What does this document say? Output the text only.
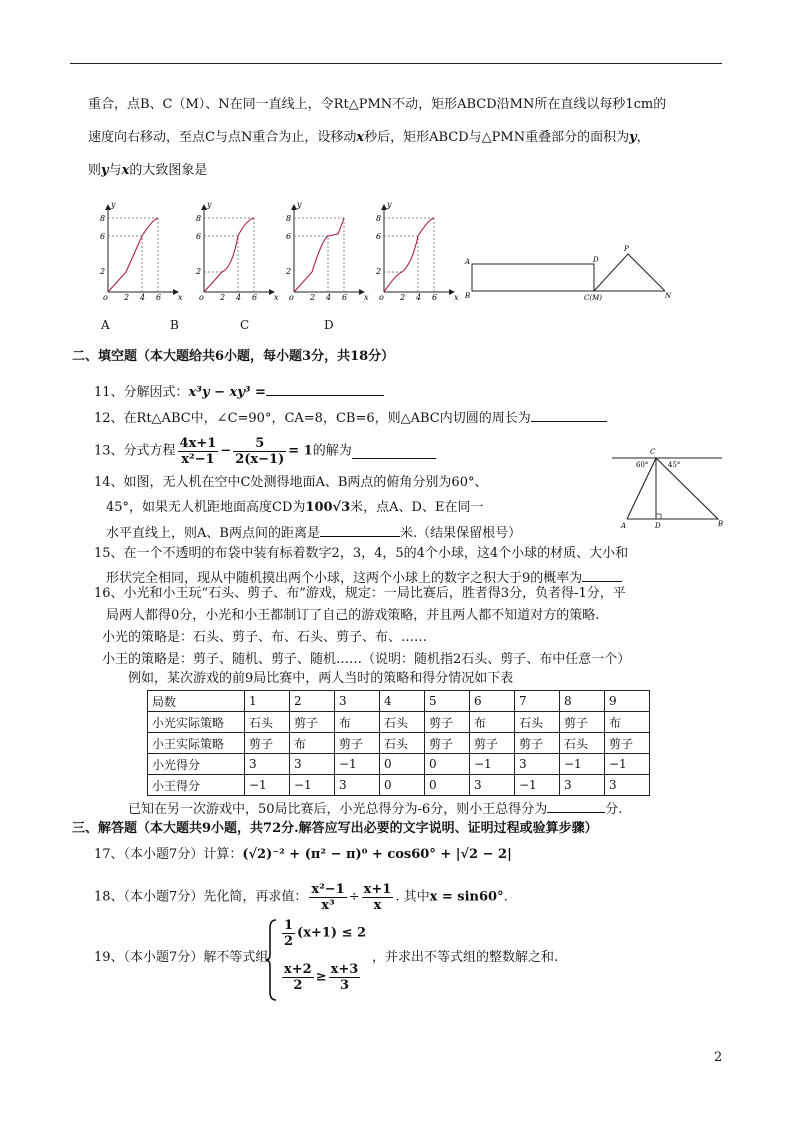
重合，点B、C（M）、N在同一直线上，令Rt△PMN不动，矩形ABCD沿MN所在直线以每秒1cm的
速度向右移动，至点C与点N重合为止，设移动x秒后，矩形ABCD与△PMN重叠部分的面积为y，
则y与x的大致图象是
y
8
6
2
o 2 4 6 x
y
8
6
2
o 2 4 6 x
y
8
6
2
o 2 4 6 x
y
8
6
2
o 2 4 6 x
A
B
D
C(M)
P
N
A	B	C	D
二、填空题（本大题给共6小题，每小题3分，共18分）
11、分解因式：x³y − xy³ =
12、在Rt△ABC中，∠C=90°，CA=8，CB=6，则△ABC内切圆的周长为
13、分式方程 $\frac{4x+1}{\text{x²−1}} - \frac{5}{2(x-1)} = 1$的解为
14、如图，无人机在空中C处测得地面A、B两点的俯角分别为60°、
45°，如果无人机距地面高度CD为100√3米，点A、D、E在同一
水平直线上，则A、B两点间的距离是	米.（结果保留根号）
C
60°	45°
A	D	B
15、在一个不透明的布袋中装有标着数字2，3，4，5的4个小球，这4个小球的材质、大小和
形状完全相同，现从中随机摸出两个小球，这两个小球上的数字之积大于9的概率为
16、小光和小王玩“石头、剪子、布”游戏，规定：一局比赛后，胜者得3分，负者得-1分，平
局两人都得0分，小光和小王都制订了自己的游戏策略，并且两人都不知道对方的策略.
小光的策略是：石头、剪子、布、石头、剪子、布、……
小王的策略是：剪子、随机、剪子、随机……（说明：随机指2石头、剪子、布中任意一个）
例如，某次游戏的前9局比赛中，两人当时的策略和得分情况如下表
局数	1	2	3	4	5	6	7	8	9
小光实际策略	石头	剪子	布	石头	剪子	布	石头	剪子	布
小王实际策略	剪子	布	剪子	石头	剪子	剪子	剪子	石头	剪子
小光得分	3	3	−1	0	0	−1	3	−1	−1
小王得分	−1	−1	3	0	0	3	−1	3	3
已知在另一次游戏中，50局比赛后，小光总得分为-6分，则小王总得分为	分.
三、解答题（本大题共9小题，共72分.解答应写出必要的文字说明、证明过程或验算步骤）
17、（本小题7分）计算：(√2)⁻² + (π² − π)⁰ + cos60° + |√2 − 2|
18、（本小题7分）先化简，再求值： $\frac{\text{x²−1}}{\text{x³}} \div \frac{x+1}{x}$ . 其中x = sin60°.
19、（本小题7分）解不等式组
$\frac{1}{2} (x+1) \le 2$
$\frac{x+2}{2} \ge \frac{x+3}{3}$
，并求出不等式组的整数解之和.
2
